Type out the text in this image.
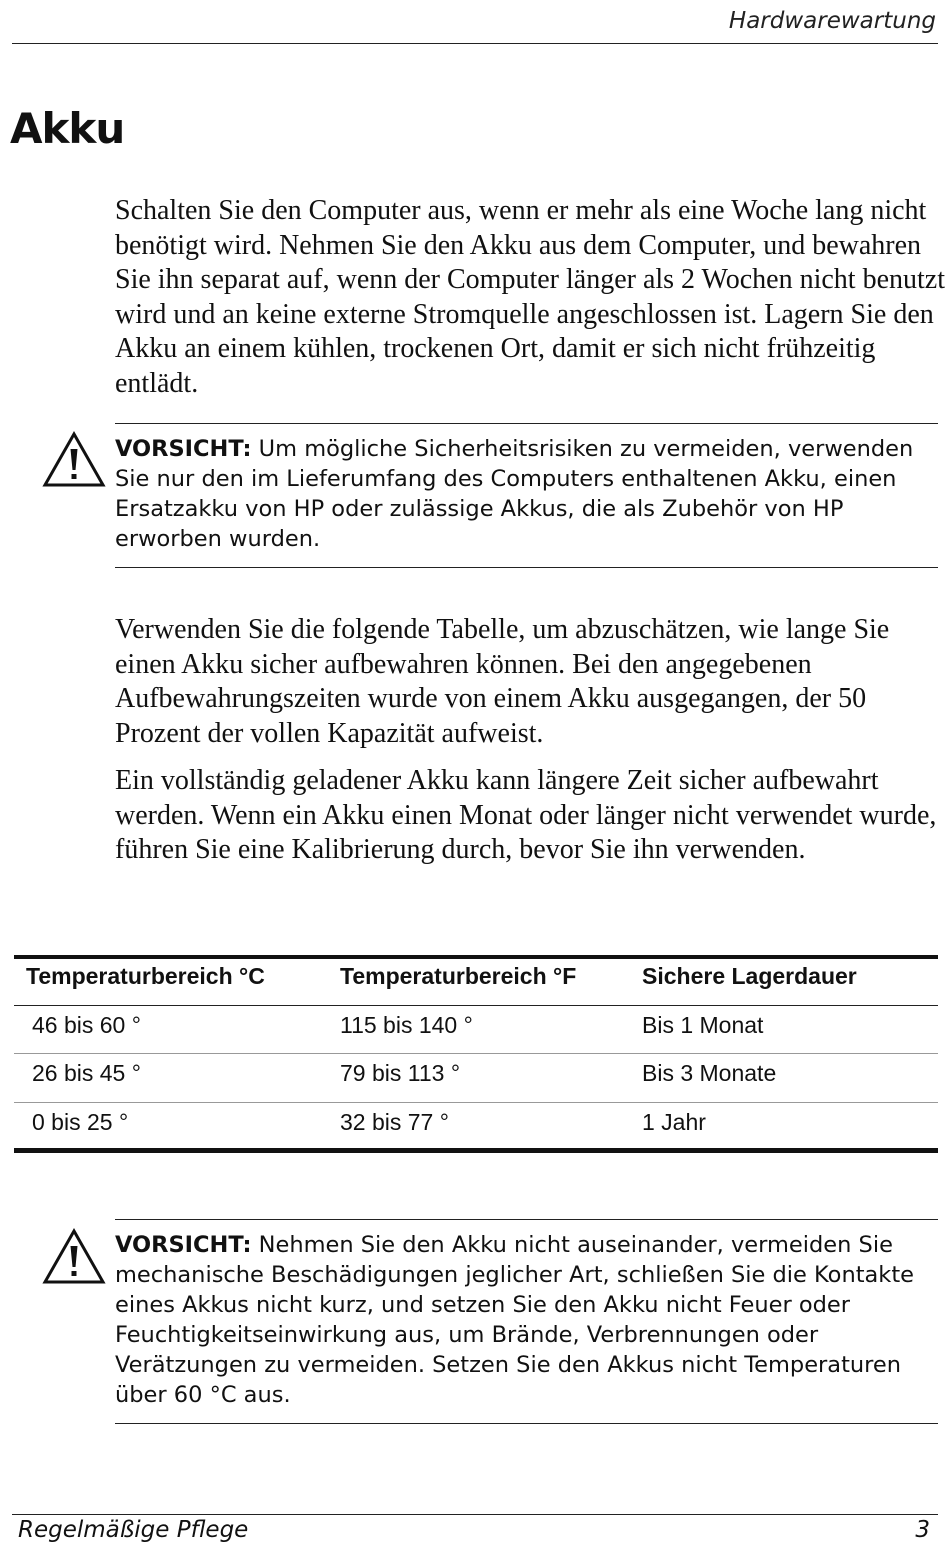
Hardwarewartung
Akku

Schalten Sie den Computer aus, wenn er mehr als eine Woche lang nicht benötigt wird. Nehmen Sie den Akku aus dem Computer, und bewahren Sie ihn separat auf, wenn der Computer länger als 2 Wochen nicht benutzt wird und an keine externe Stromquelle angeschlossen ist. Lagern Sie den Akku an einem kühlen, trockenen Ort, damit er sich nicht frühzeitig entlädt.

VORSICHT: Um mögliche Sicherheitsrisiken zu vermeiden, verwenden Sie nur den im Lieferumfang des Computers enthaltenen Akku, einen Ersatzakku von HP oder zulässige Akkus, die als Zubehör von HP erworben wurden.

Verwenden Sie die folgende Tabelle, um abzuschätzen, wie lange Sie einen Akku sicher aufbewahren können. Bei den angegebenen Aufbewahrungszeiten wurde von einem Akku ausgegangen, der 50 Prozent der vollen Kapazität aufweist.

Ein vollständig geladener Akku kann längere Zeit sicher aufbewahrt werden. Wenn ein Akku einen Monat oder länger nicht verwendet wurde, führen Sie eine Kalibrierung durch, bevor Sie ihn verwenden.

Temperaturbereich °C	Temperaturbereich °F	Sichere Lagerdauer
46 bis 60 °	115 bis 140 °	Bis 1 Monat
26 bis 45 °	79 bis 113 °	Bis 3 Monate
0 bis 25 °	32 bis 77 °	1 Jahr

VORSICHT: Nehmen Sie den Akku nicht auseinander, vermeiden Sie mechanische Beschädigungen jeglicher Art, schließen Sie die Kontakte eines Akkus nicht kurz, und setzen Sie den Akku nicht Feuer oder Feuchtigkeitseinwirkung aus, um Brände, Verbrennungen oder Verätzungen zu vermeiden. Setzen Sie den Akkus nicht Temperaturen über 60 °C aus.

Regelmäßige Pflege	3
